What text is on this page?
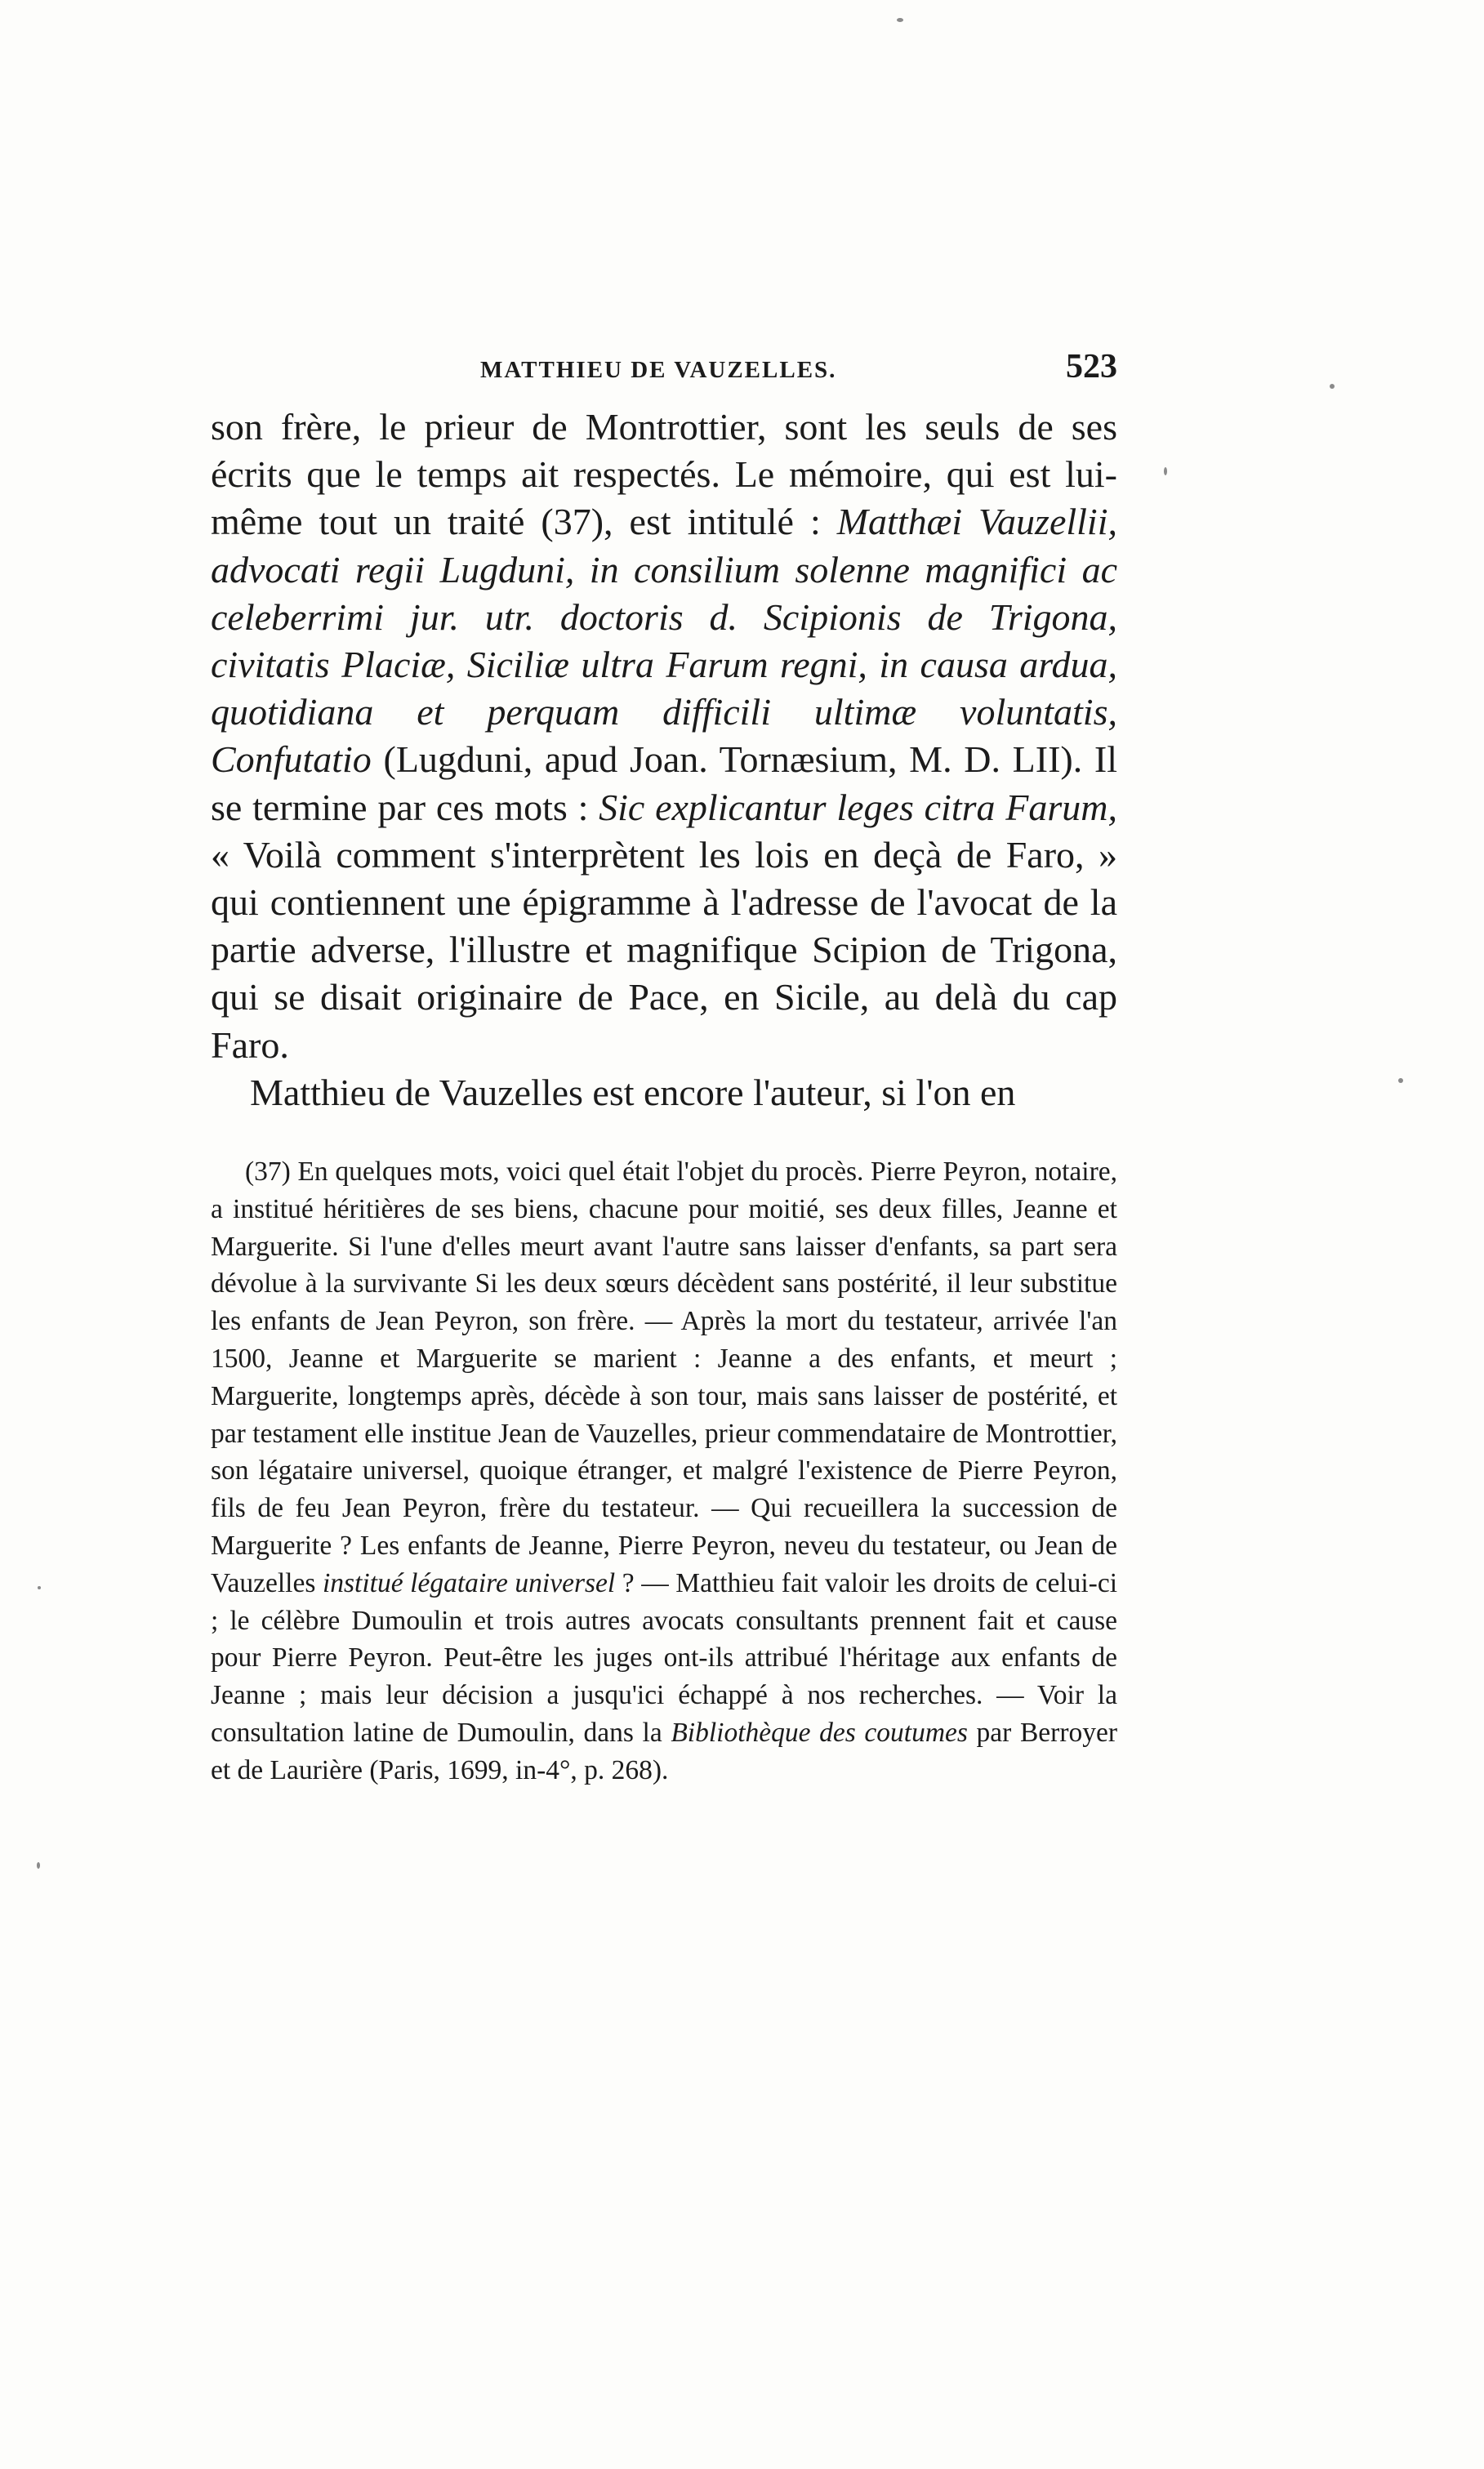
MATTHIEU DE VAUZELLES.	523

son frère, le prieur de Montrottier, sont les seuls de ses écrits que le temps ait respectés. Le mémoire, qui est lui-même tout un traité (37), est intitulé : Matthæi Vauzellii, advocati regii Lugduni, in consilium solenne magnifici ac celeberrimi jur. utr. doctoris d. Scipionis de Trigona, civitatis Placiæ, Siciliæ ultra Farum regni, in causa ardua, quotidiana et perquam difficili ultimæ voluntatis, Confutatio (Lugduni, apud Joan. Tornæsium, M. D. LII). Il se termine par ces mots : Sic explicantur leges citra Farum, « Voilà comment s'interprètent les lois en deçà de Faro, » qui contiennent une épigramme à l'adresse de l'avocat de la partie adverse, l'illustre et magnifique Scipion de Trigona, qui se disait originaire de Pace, en Sicile, au delà du cap Faro.

Matthieu de Vauzelles est encore l'auteur, si l'on en

(37) En quelques mots, voici quel était l'objet du procès. Pierre Peyron, notaire, a institué héritières de ses biens, chacune pour moitié, ses deux filles, Jeanne et Marguerite. Si l'une d'elles meurt avant l'autre sans laisser d'enfants, sa part sera dévolue à la survivante Si les deux sœurs décèdent sans postérité, il leur substitue les enfants de Jean Peyron, son frère. — Après la mort du testateur, arrivée l'an 1500, Jeanne et Marguerite se marient : Jeanne a des enfants, et meurt ; Marguerite, longtemps après, décède à son tour, mais sans laisser de postérité, et par testament elle institue Jean de Vauzelles, prieur commendataire de Montrottier, son légataire universel, quoique étranger, et malgré l'existence de Pierre Peyron, fils de feu Jean Peyron, frère du testateur. — Qui recueillera la succession de Marguerite ? Les enfants de Jeanne, Pierre Peyron, neveu du testateur, ou Jean de Vauzelles institué légataire universel ? — Matthieu fait valoir les droits de celui-ci ; le célèbre Dumoulin et trois autres avocats consultants prennent fait et cause pour Pierre Peyron. Peut-être les juges ont-ils attribué l'héritage aux enfants de Jeanne ; mais leur décision a jusqu'ici échappé à nos recherches. — Voir la consultation latine de Dumoulin, dans la Bibliothèque des coutumes par Berroyer et de Laurière (Paris, 1699, in-4°, p. 268).
